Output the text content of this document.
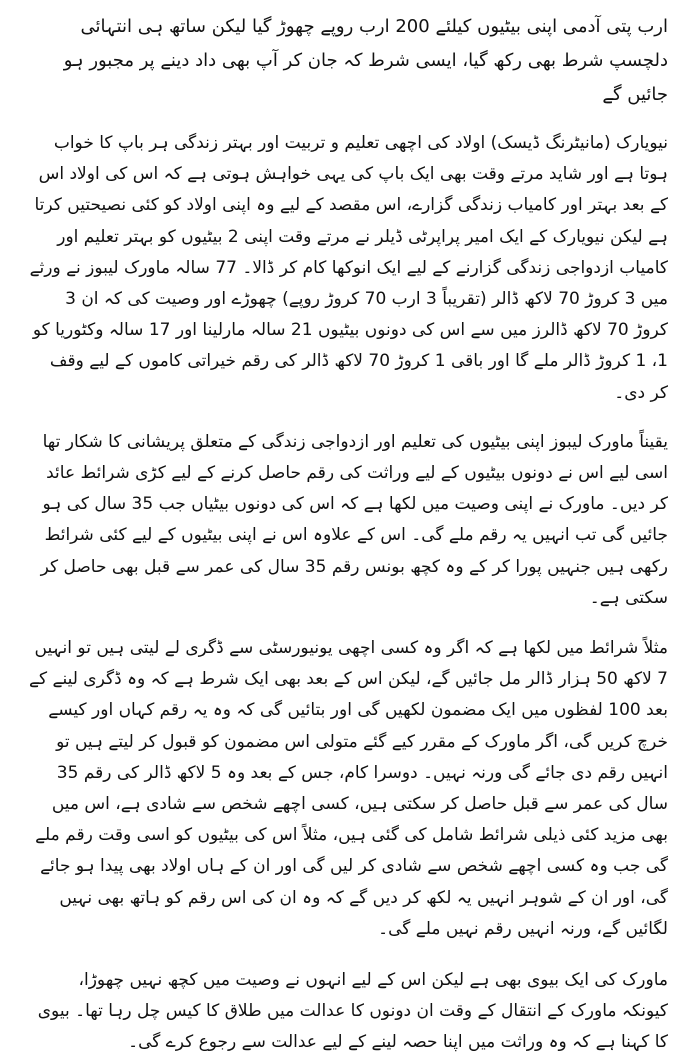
ارب پتی آدمی اپنی بیٹیوں کیلئے 200 ارب روپے چھوڑ گیا لیکن ساتھ ہی انتہائی دلچسپ شرط بھی رکھ گیا، ایسی شرط کہ جان کر آپ بھی داد دینے پر مجبور ہو جائیں گے

نیویارک (مانیٹرنگ ڈیسک) اولاد کی اچھی تعلیم و تربیت اور بہتر زندگی ہر باپ کا خواب ہوتا ہے اور شاید مرتے وقت بھی ایک باپ کی یہی خواہش ہوتی ہے کہ اس کی اولاد اس کے بعد بہتر اور کامیاب زندگی گزارے، اس مقصد کے لیے وہ اپنی اولاد کو کئی نصیحتیں کرتا ہے لیکن نیویارک کے ایک امیر پراپرٹی ڈیلر نے مرتے وقت اپنی 2 بیٹیوں کو بہتر تعلیم اور کامیاب ازدواجی زندگی گزارنے کے لیے ایک انوکھا کام کر ڈالا۔ 77 سالہ ماورک لیبوز نے ورثے میں 3 کروڑ 70 لاکھ ڈالر (تقریباً 3 ارب 70 کروڑ روپے) چھوڑے اور وصیت کی کہ ان 3 کروڑ 70 لاکھ ڈالرز میں سے اس کی دونوں بیٹیوں 21 سالہ مارلینا اور 17 سالہ وکٹوریا کو 1، 1 کروڑ ڈالر ملے گا اور باقی 1 کروڑ 70 لاکھ ڈالر کی رقم خیراتی کاموں کے لیے وقف کر دی۔

یقیناً ماورک لیبوز اپنی بیٹیوں کی تعلیم اور ازدواجی زندگی کے متعلق پریشانی کا شکار تھا اسی لیے اس نے دونوں بیٹیوں کے لیے وراثت کی رقم حاصل کرنے کے لیے کڑی شرائط عائد کر دیں۔ ماورک نے اپنی وصیت میں لکھا ہے کہ اس کی دونوں بیٹیاں جب 35 سال کی ہو جائیں گی تب انہیں یہ رقم ملے گی۔ اس کے علاوہ اس نے اپنی بیٹیوں کے لیے کئی شرائط رکھی ہیں جنہیں پورا کر کے وہ کچھ بونس رقم 35 سال کی عمر سے قبل بھی حاصل کر سکتی ہے۔

مثلاً شرائط میں لکھا ہے کہ اگر وہ کسی اچھی یونیورسٹی سے ڈگری لے لیتی ہیں تو انہیں 7 لاکھ 50 ہزار ڈالر مل جائیں گے، لیکن اس کے بعد بھی ایک شرط ہے کہ وہ ڈگری لینے کے بعد 100 لفظوں میں ایک مضمون لکھیں گی اور بتائیں گی کہ وہ یہ رقم کہاں اور کیسے خرچ کریں گی، اگر ماورک کے مقرر کیے گئے متولی اس مضمون کو قبول کر لیتے ہیں تو انہیں رقم دی جائے گی ورنہ نہیں۔ دوسرا کام، جس کے بعد وہ 5 لاکھ ڈالر کی رقم 35 سال کی عمر سے قبل حاصل کر سکتی ہیں، کسی اچھے شخص سے شادی ہے، اس میں بھی مزید کئی ذیلی شرائط شامل کی گئی ہیں، مثلاً اس کی بیٹیوں کو اسی وقت رقم ملے گی جب وہ کسی اچھے شخص سے شادی کر لیں گی اور ان کے ہاں اولاد بھی پیدا ہو جائے گی، اور ان کے شوہر انہیں یہ لکھ کر دیں گے کہ وہ ان کی اس رقم کو ہاتھ بھی نہیں لگائیں گے، ورنہ انہیں رقم نہیں ملے گی۔

ماورک کی ایک بیوی بھی ہے لیکن اس کے لیے انہوں نے وصیت میں کچھ نہیں چھوڑا، کیونکہ ماورک کے انتقال کے وقت ان دونوں کا عدالت میں طلاق کا کیس چل رہا تھا۔ بیوی کا کہنا ہے کہ وہ وراثت میں اپنا حصہ لینے کے لیے عدالت سے رجوع کرے گی۔
